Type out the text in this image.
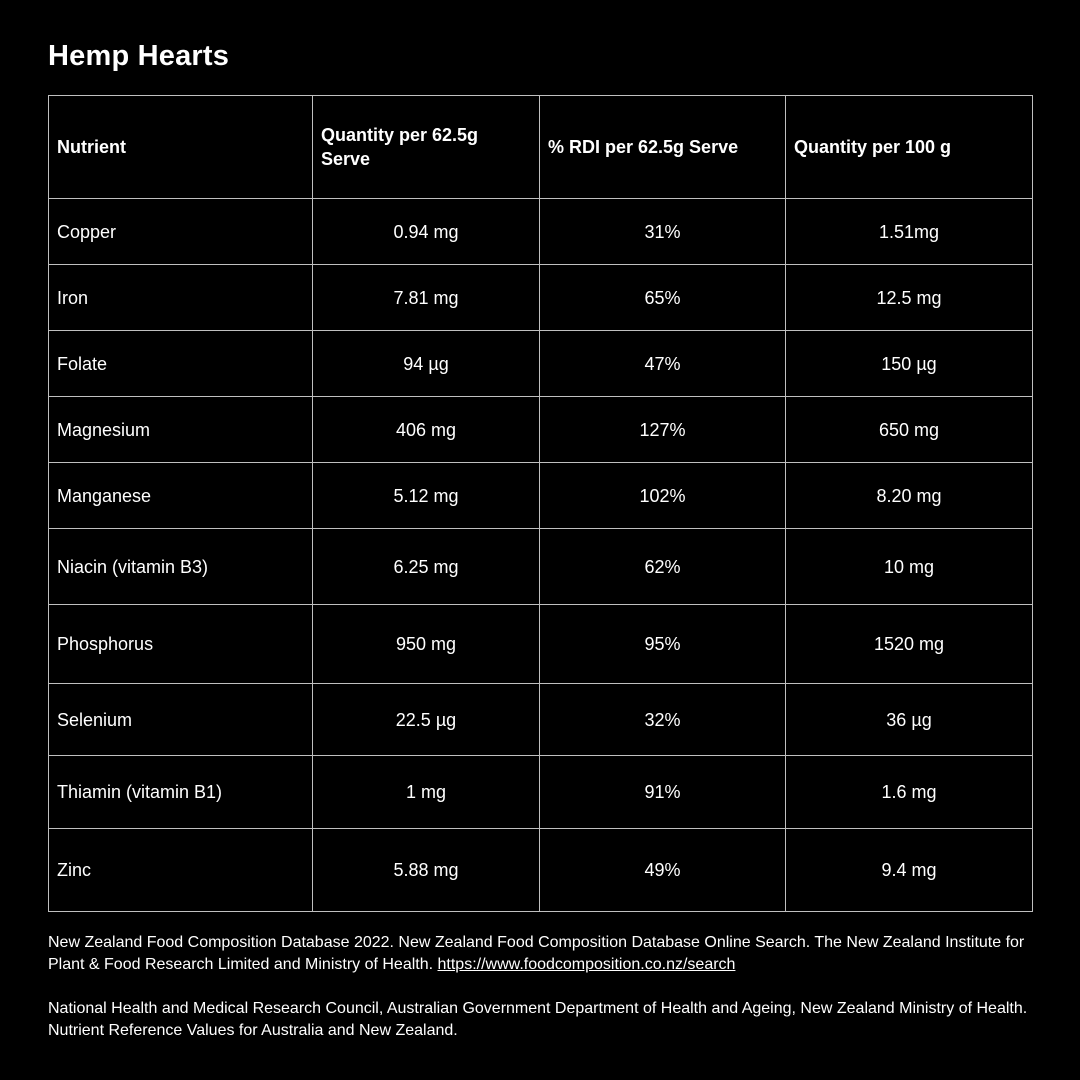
Hemp Hearts
Nutrient	Quantity per 62.5g Serve	% RDI per 62.5g Serve	Quantity per 100 g
Copper	0.94 mg	31%	1.51mg
Iron	7.81 mg	65%	12.5 mg
Folate	94 µg	47%	150 µg
Magnesium	406 mg	127%	650 mg
Manganese	5.12 mg	102%	8.20 mg
Niacin (vitamin B3)	6.25 mg	62%	10 mg
Phosphorus	950 mg	95%	1520 mg
Selenium	22.5 µg	32%	36 µg
Thiamin (vitamin B1)	1 mg	91%	1.6 mg
Zinc	5.88 mg	49%	9.4 mg

New Zealand Food Composition Database 2022. New Zealand Food Composition Database Online Search. The New Zealand Institute for Plant & Food Research Limited and Ministry of Health. https://www.foodcomposition.co.nz/search

National Health and Medical Research Council, Australian Government Department of Health and Ageing, New Zealand Ministry of Health. Nutrient Reference Values for Australia and New Zealand.
